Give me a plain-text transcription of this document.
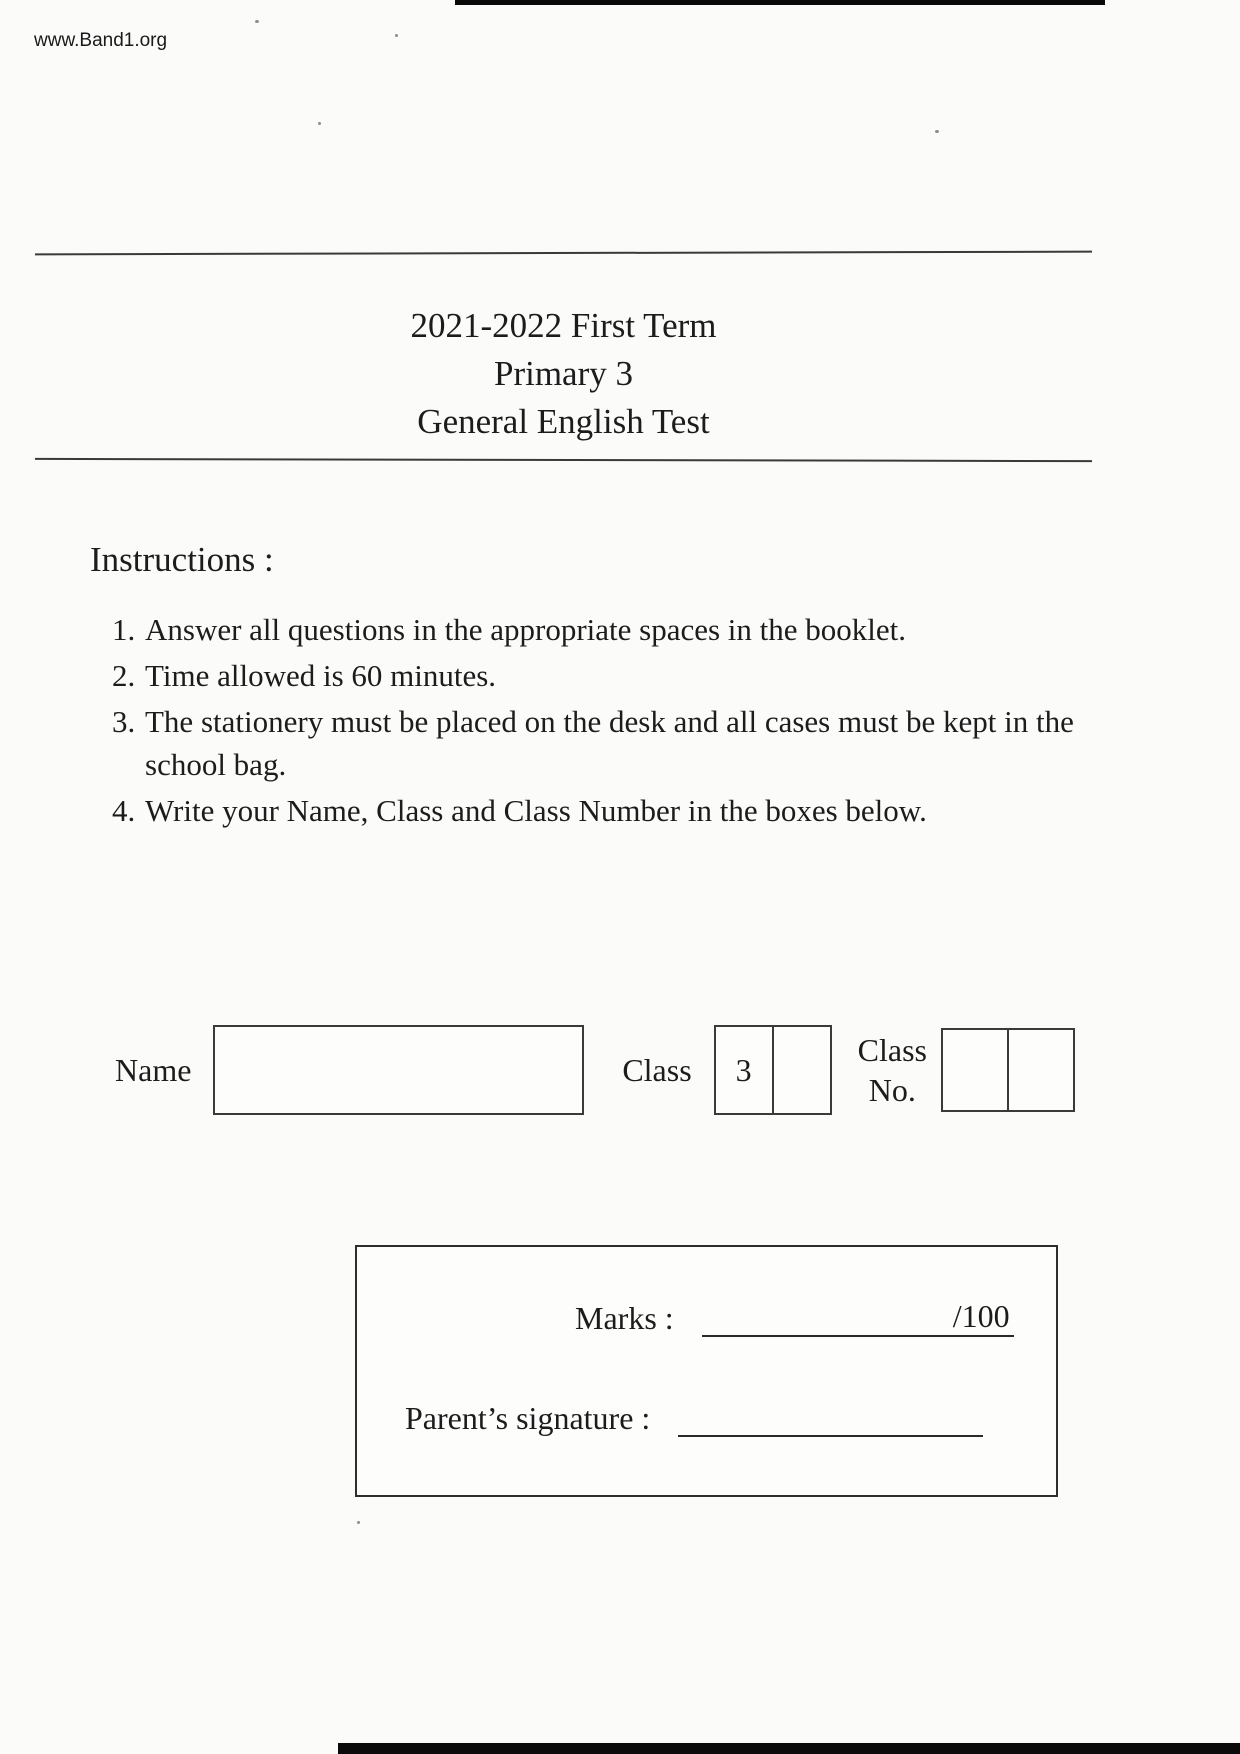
www.Band1.org
2021-2022 First Term
Primary 3
General English Test
Instructions :
1. Answer all questions in the appropriate spaces in the booklet.
2. Time allowed is 60 minutes.
3. The stationery must be placed on the desk and all cases must be kept in the school bag.
4. Write your Name, Class and Class Number in the boxes below.
Name	Class	3
Class
No.
Marks :	/100
Parent’s signature :
